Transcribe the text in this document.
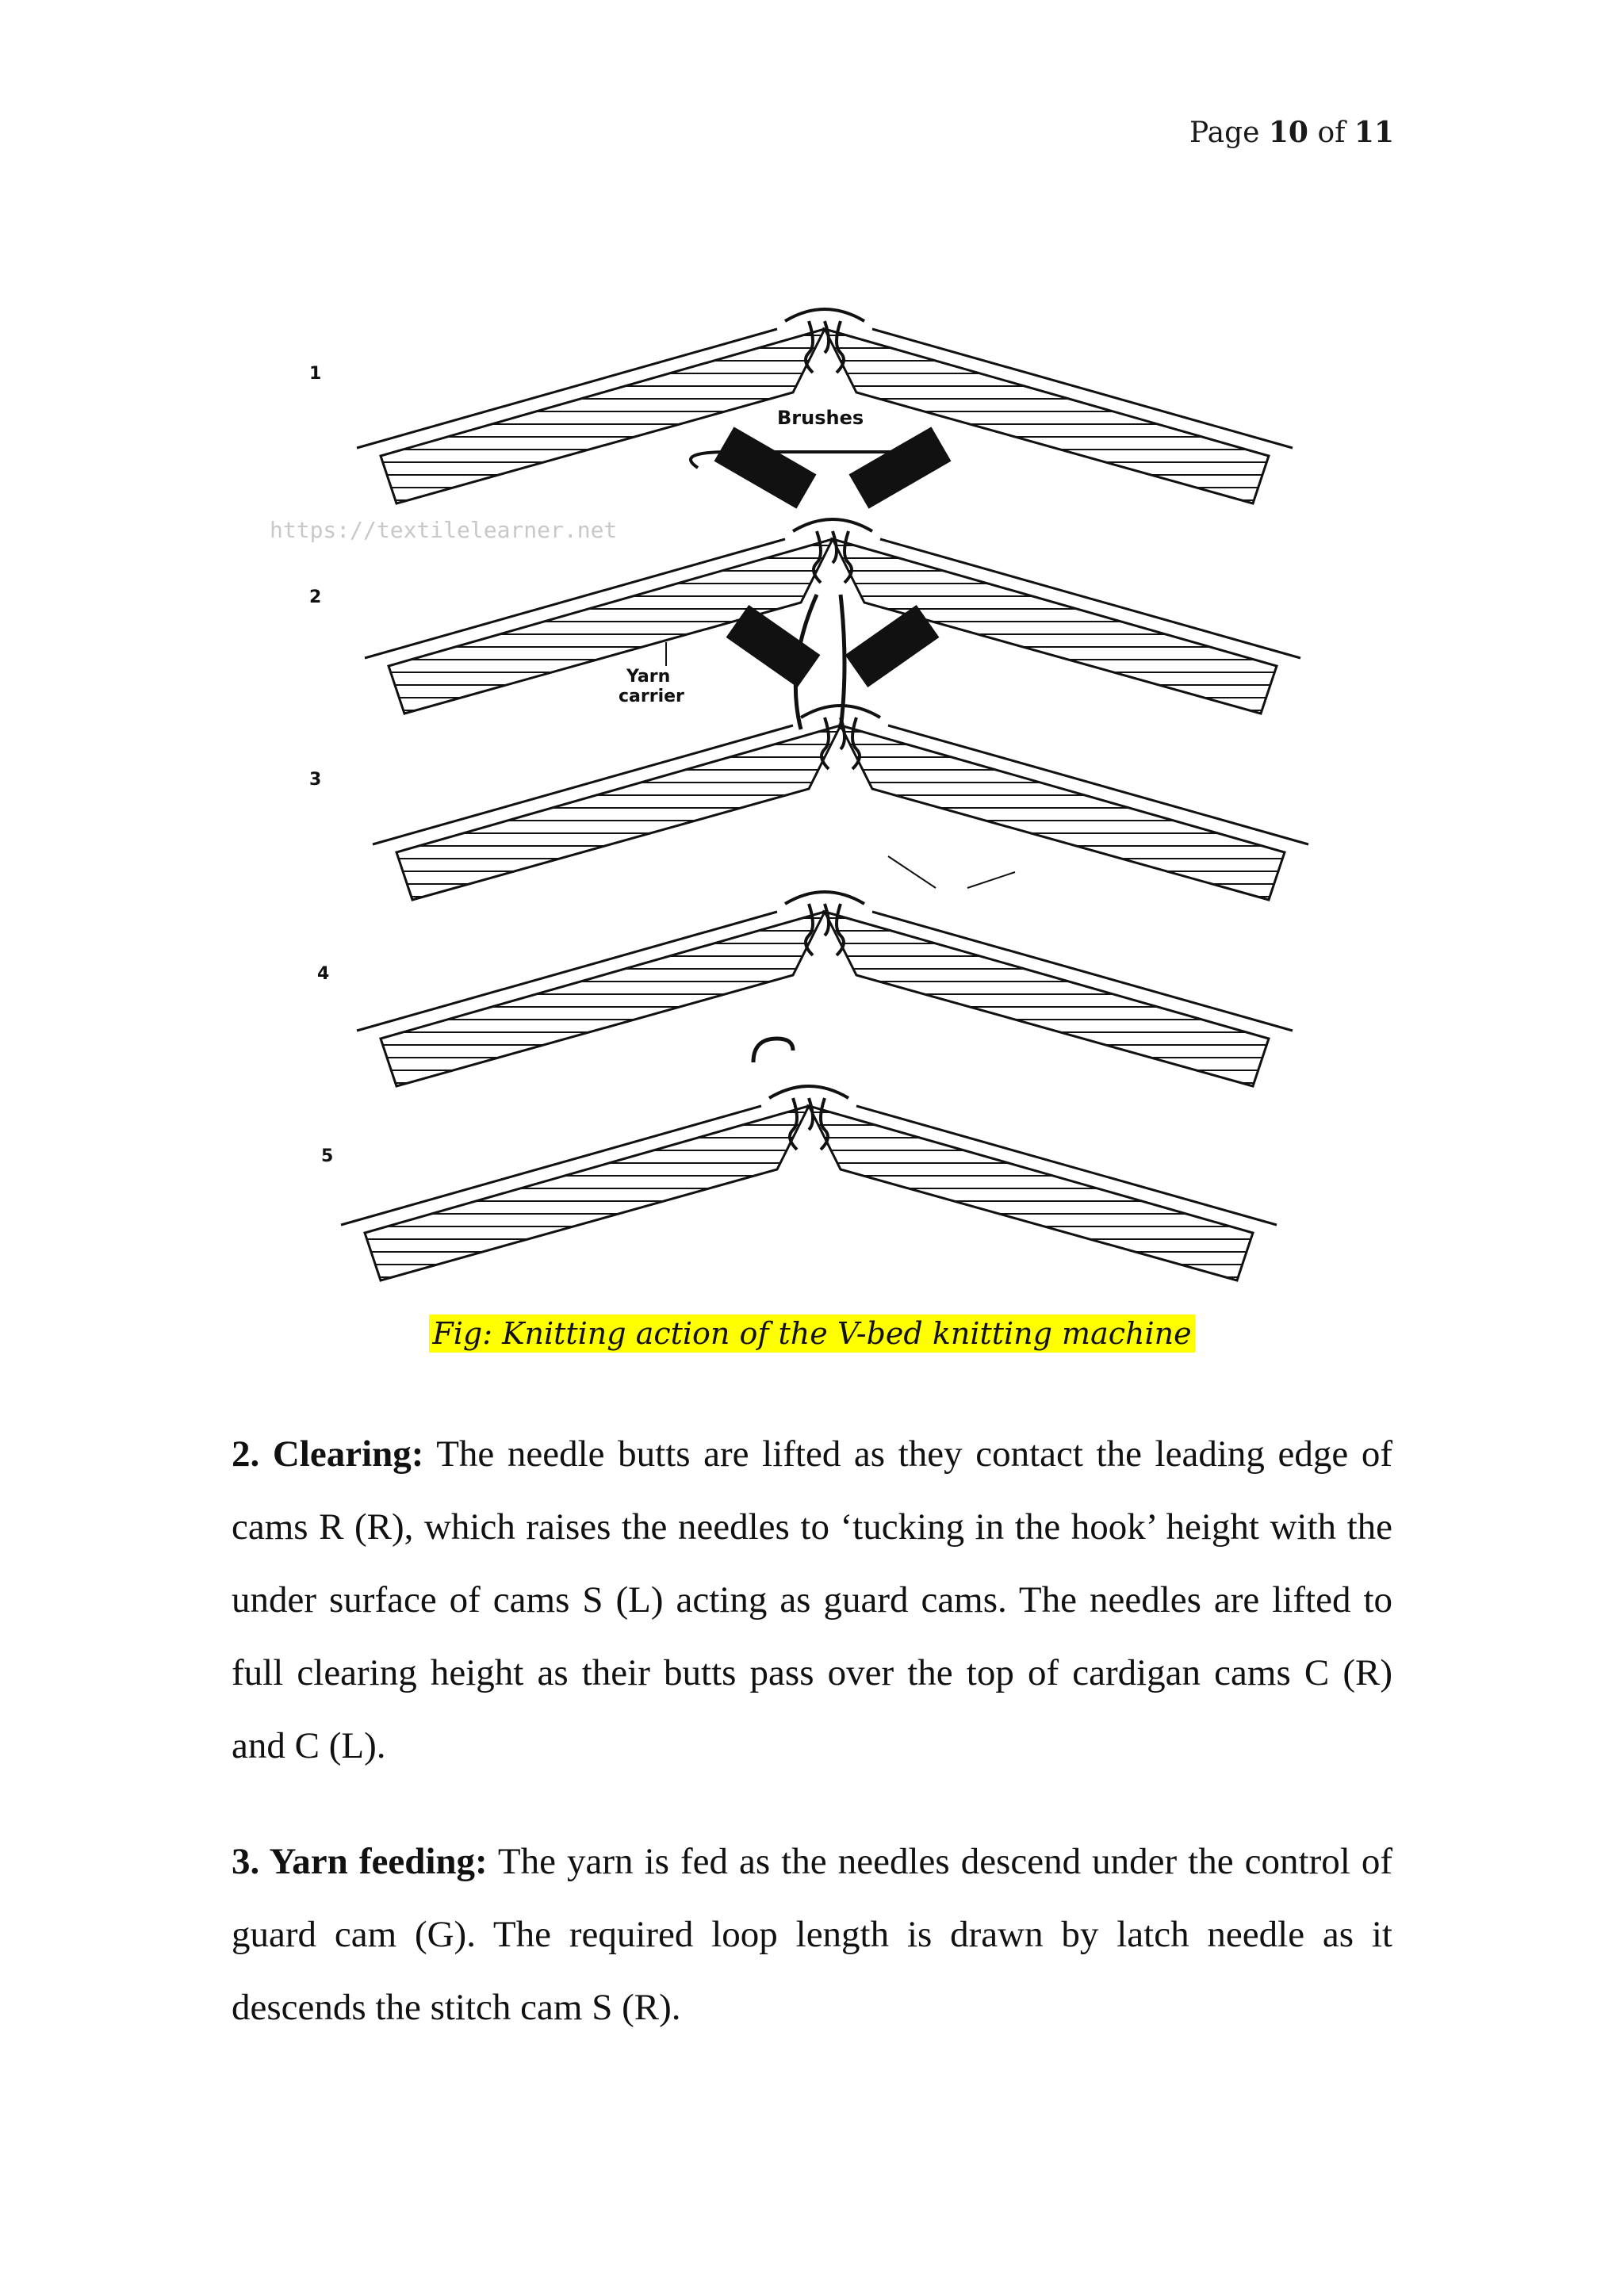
Page 10 of 11
1
Brushes
https://textilelearner.net
2
Yarn
carrier
3
4
5
Fig: Knitting action of the V-bed knitting machine
2. Clearing: The needle butts are lifted as they contact the leading edge of cams R (R), which raises the needles to ‘tucking in the hook’ height with the under surface of cams S (L) acting as guard cams. The needles are lifted to full clearing height as their butts pass over the top of cardigan cams C (R) and C (L).
3. Yarn feeding: The yarn is fed as the needles descend under the control of guard cam (G). The required loop length is drawn by latch needle as it descends the stitch cam S (R).
